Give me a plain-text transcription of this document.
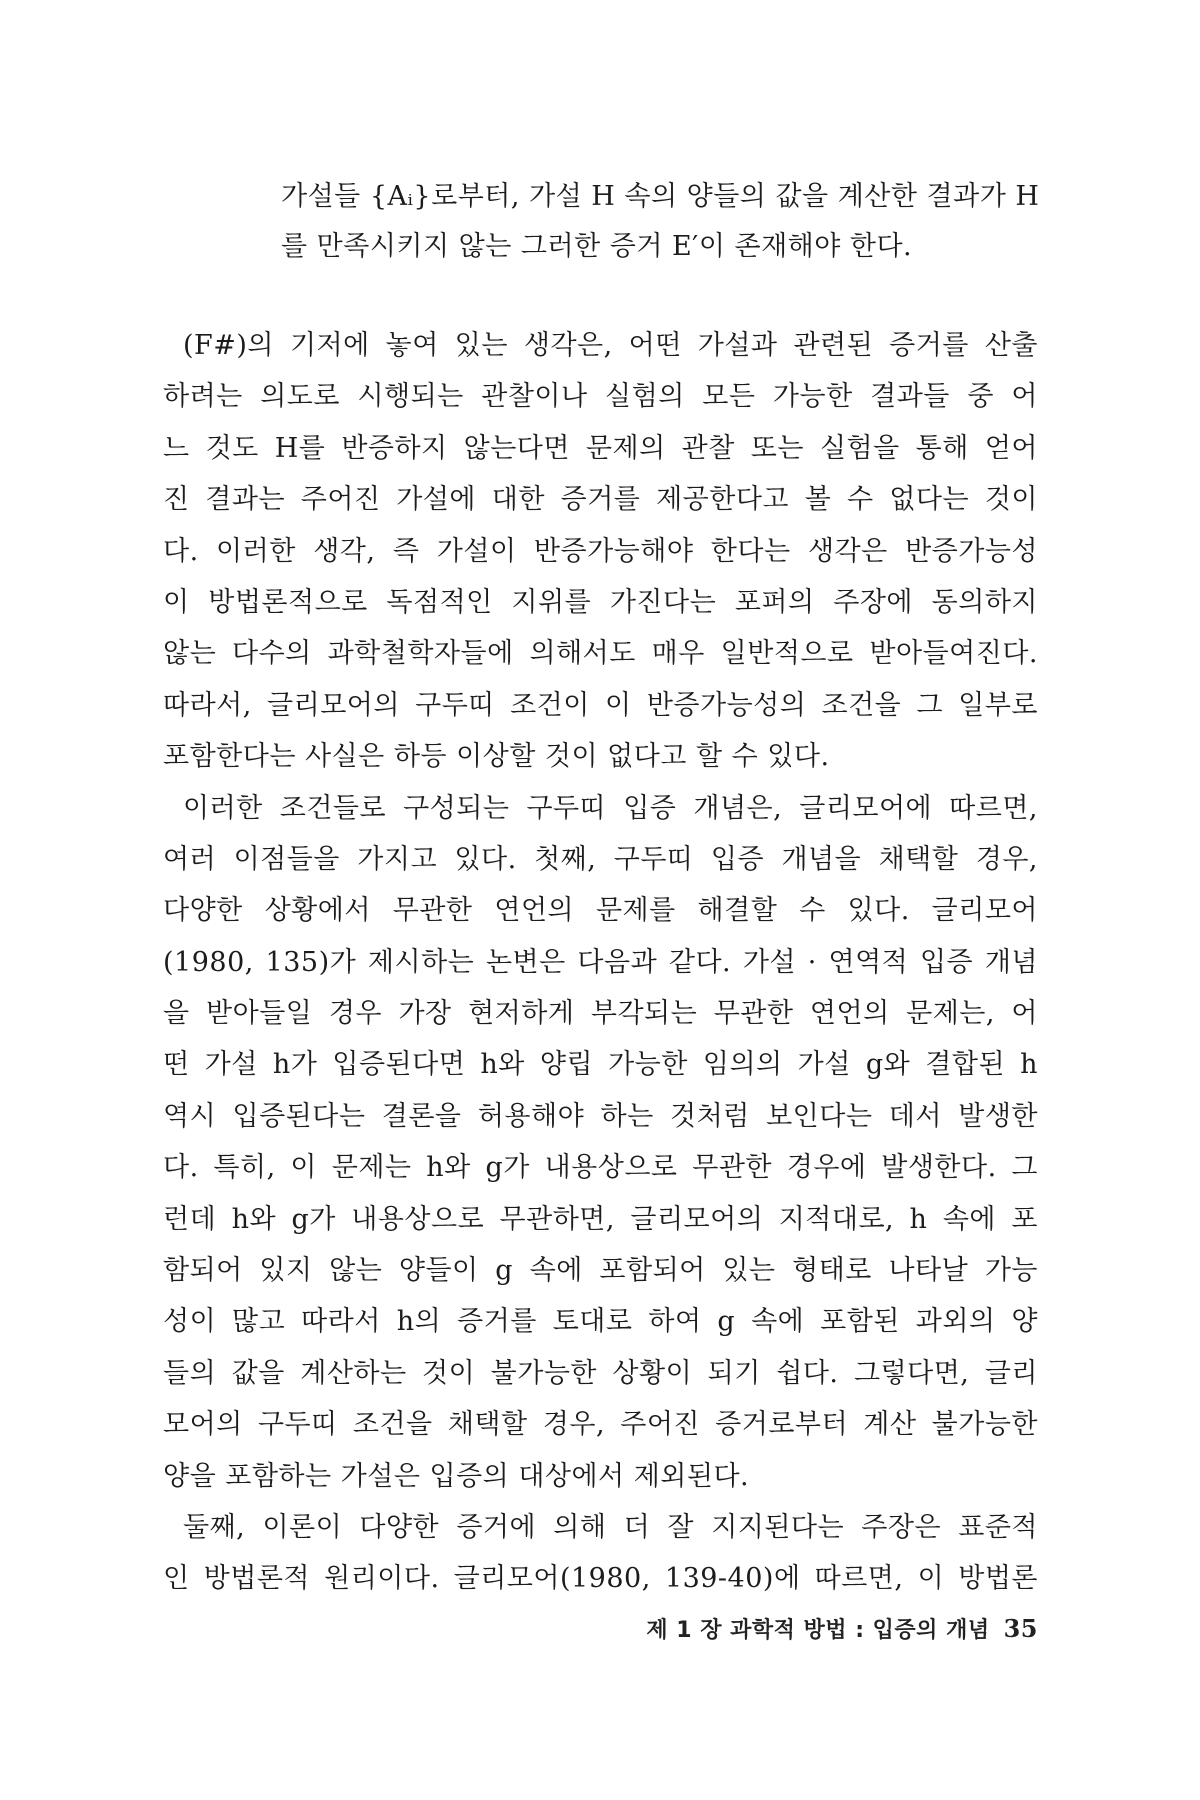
가설들 {Aᵢ}로부터, 가설 H 속의 양들의 값을 계산한 결과가 H
를 만족시키지 않는 그러한 증거 E′이 존재해야 한다.
(F#)의 기저에 놓여 있는 생각은, 어떤 가설과 관련된 증거를 산출
하려는 의도로 시행되는 관찰이나 실험의 모든 가능한 결과들 중 어
느 것도 H를 반증하지 않는다면 문제의 관찰 또는 실험을 통해 얻어
진 결과는 주어진 가설에 대한 증거를 제공한다고 볼 수 없다는 것이
다. 이러한 생각, 즉 가설이 반증가능해야 한다는 생각은 반증가능성
이 방법론적으로 독점적인 지위를 가진다는 포퍼의 주장에 동의하지
않는 다수의 과학철학자들에 의해서도 매우 일반적으로 받아들여진다.
따라서, 글리모어의 구두띠 조건이 이 반증가능성의 조건을 그 일부로
포함한다는 사실은 하등 이상할 것이 없다고 할 수 있다.
이러한 조건들로 구성되는 구두띠 입증 개념은, 글리모어에 따르면,
여러 이점들을 가지고 있다. 첫째, 구두띠 입증 개념을 채택할 경우,
다양한 상황에서 무관한 연언의 문제를 해결할 수 있다. 글리모어
(1980, 135)가 제시하는 논변은 다음과 같다. 가설 · 연역적 입증 개념
을 받아들일 경우 가장 현저하게 부각되는 무관한 연언의 문제는, 어
떤 가설 h가 입증된다면 h와 양립 가능한 임의의 가설 g와 결합된 h
역시 입증된다는 결론을 허용해야 하는 것처럼 보인다는 데서 발생한
다. 특히, 이 문제는 h와 g가 내용상으로 무관한 경우에 발생한다. 그
런데 h와 g가 내용상으로 무관하면, 글리모어의 지적대로, h 속에 포
함되어 있지 않는 양들이 g 속에 포함되어 있는 형태로 나타날 가능
성이 많고 따라서 h의 증거를 토대로 하여 g 속에 포함된 과외의 양
들의 값을 계산하는 것이 불가능한 상황이 되기 쉽다. 그렇다면, 글리
모어의 구두띠 조건을 채택할 경우, 주어진 증거로부터 계산 불가능한
양을 포함하는 가설은 입증의 대상에서 제외된다.
둘째, 이론이 다양한 증거에 의해 더 잘 지지된다는 주장은 표준적
인 방법론적 원리이다. 글리모어(1980, 139-40)에 따르면, 이 방법론
제 1 장 과학적 방법 : 입증의 개념 35
